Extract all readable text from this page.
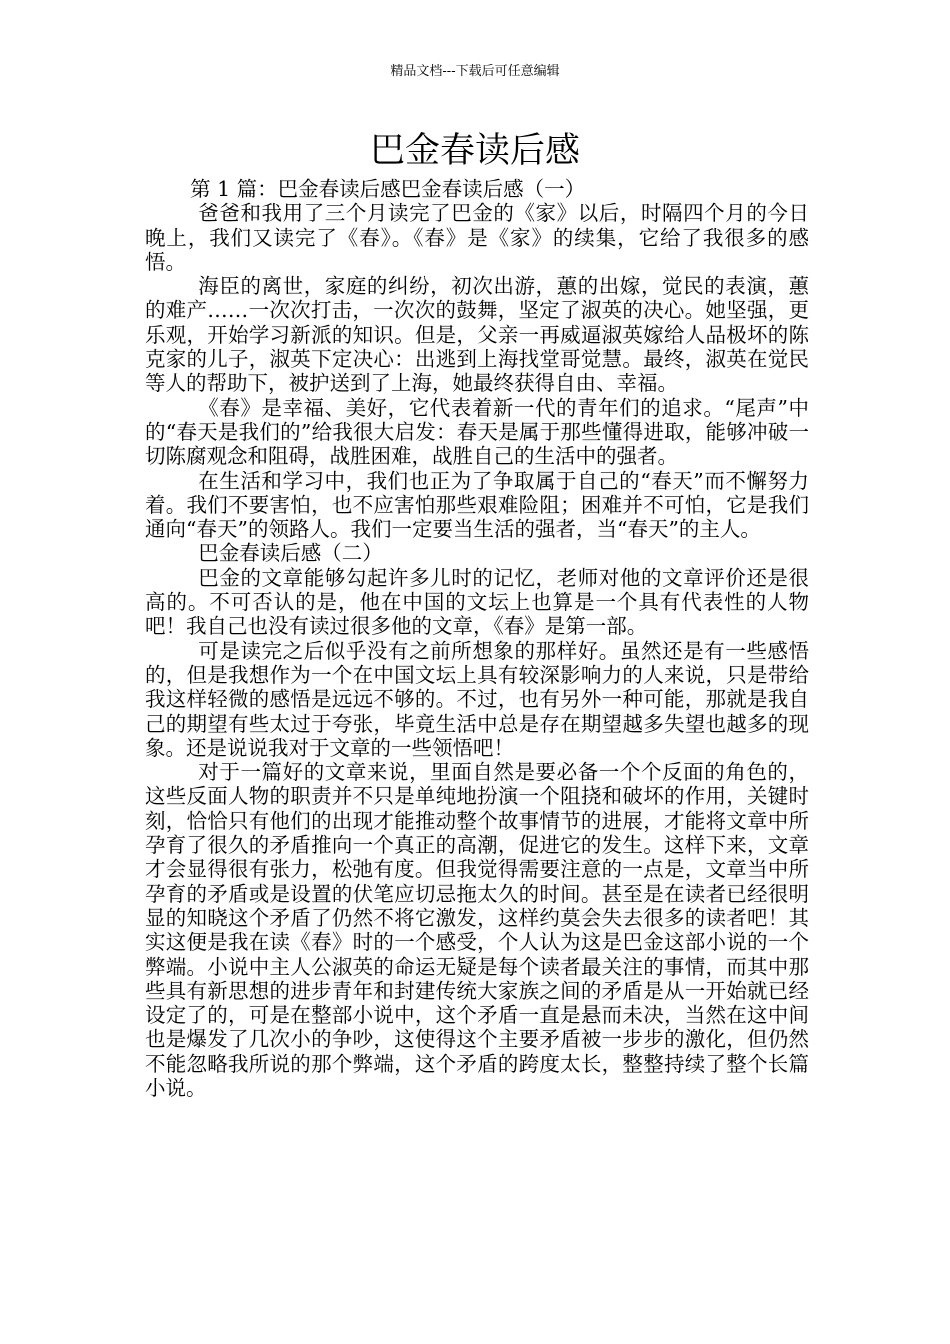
精品文档---下载后可任意编辑
巴金春读后感

第 1 篇：巴金春读后感巴金春读后感（一）

爸爸和我用了三个月读完了巴金的《家》以后，时隔四个月的今日晚上，我们又读完了《春》。《春》是《家》的续集，它给了我很多的感悟。

海臣的离世，家庭的纠纷，初次出游，蕙的出嫁，觉民的表演，蕙的难产……一次次打击，一次次的鼓舞，坚定了淑英的决心。她坚强，更乐观，开始学习新派的知识。但是，父亲一再威逼淑英嫁给人品极坏的陈克家的儿子，淑英下定决心：出逃到上海找堂哥觉慧。最终，淑英在觉民等人的帮助下，被护送到了上海，她最终获得自由、幸福。

《春》是幸福、美好，它代表着新一代的青年们的追求。“尾声”中的“春天是我们的”给我很大启发：春天是属于那些懂得进取，能够冲破一切陈腐观念和阻碍，战胜困难，战胜自己的生活中的强者。

在生活和学习中，我们也正为了争取属于自己的“春天”而不懈努力着。我们不要害怕，也不应害怕那些艰难险阻；困难并不可怕，它是我们通向“春天”的领路人。我们一定要当生活的强者，当“春天”的主人。

巴金春读后感（二）

巴金的文章能够勾起许多儿时的记忆，老师对他的文章评价还是很高的。不可否认的是，他在中国的文坛上也算是一个具有代表性的人物吧！我自己也没有读过很多他的文章，《春》是第一部。

可是读完之后似乎没有之前所想象的那样好。虽然还是有一些感悟的，但是我想作为一个在中国文坛上具有较深影响力的人来说，只是带给我这样轻微的感悟是远远不够的。不过，也有另外一种可能，那就是我自己的期望有些太过于夸张，毕竟生活中总是存在期望越多失望也越多的现象。还是说说我对于文章的一些领悟吧！

对于一篇好的文章来说，里面自然是要必备一个个反面的角色的，这些反面人物的职责并不只是单纯地扮演一个阻挠和破坏的作用，关键时刻，恰恰只有他们的出现才能推动整个故事情节的进展，才能将文章中所孕育了很久的矛盾推向一个真正的高潮，促进它的发生。这样下来，文章才会显得很有张力，松弛有度。但我觉得需要注意的一点是，文章当中所孕育的矛盾或是设置的伏笔应切忌拖太久的时间。甚至是在读者已经很明显的知晓这个矛盾了仍然不将它激发，这样约莫会失去很多的读者吧！其实这便是我在读《春》时的一个感受，个人认为这是巴金这部小说的一个弊端。小说中主人公淑英的命运无疑是每个读者最关注的事情，而其中那些具有新思想的进步青年和封建传统大家族之间的矛盾是从一开始就已经设定了的，可是在整部小说中，这个矛盾一直是悬而未决，当然在这中间也是爆发了几次小的争吵，这使得这个主要矛盾被一步步的激化，但仍然不能忽略我所说的那个弊端，这个矛盾的跨度太长，整整持续了整个长篇小说。
